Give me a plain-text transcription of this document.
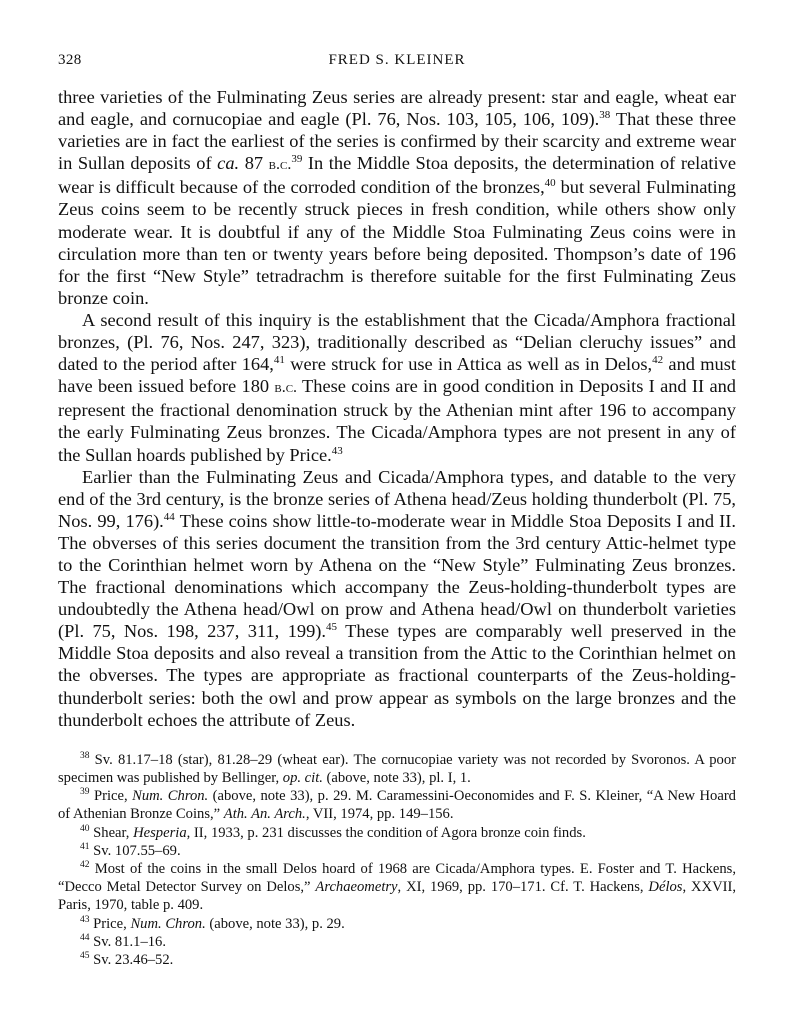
328	FRED S. KLEINER

three varieties of the Fulminating Zeus series are already present: star and eagle, wheat ear and eagle, and cornucopiae and eagle (Pl. 76, Nos. 103, 105, 106, 109).$^{38}$ That these three varieties are in fact the earliest of the series is confirmed by their scarcity and extreme wear in Sullan deposits of ca. 87 b.c.$^{39}$ In the Middle Stoa deposits, the determination of relative wear is difficult because of the corroded condition of the bronzes,$^{40}$ but several Fulminating Zeus coins seem to be recently struck pieces in fresh condition, while others show only moderate wear. It is doubtful if any of the Middle Stoa Fulminating Zeus coins were in circulation more than ten or twenty years before being deposited. Thompson’s date of 196 for the first “New Style” tetradrachm is therefore suitable for the first Fulminating Zeus bronze coin.

A second result of this inquiry is the establishment that the Cicada/Amphora fractional bronzes, (Pl. 76, Nos. 247, 323), traditionally described as “Delian cleruchy issues” and dated to the period after 164,41 were struck for use in Attica as well as in Delos,$^{42}$ and must have been issued before 180 b.c. These coins are in good condition in Deposits I and II and represent the fractional denomination struck by the Athenian mint after 196 to accompany the early Fulminating Zeus bronzes. The Cicada/Amphora types are not present in any of the Sullan hoards published by Price.$^{43}$

Earlier than the Fulminating Zeus and Cicada/Amphora types, and datable to the very end of the 3rd century, is the bronze series of Athena head/Zeus holding thunderbolt (Pl. 75, Nos. 99, 176).$^{44}$ These coins show little-to-moderate wear in Middle Stoa Deposits I and II. The obverses of this series document the transition from the 3rd century Attic-helmet type to the Corinthian helmet worn by Athena on the “New Style” Fulminating Zeus bronzes. The fractional denominations which accompany the Zeus-holding-thunderbolt types are undoubtedly the Athena head/Owl on prow and Athena head/Owl on thunderbolt varieties (Pl. 75, Nos. 198, 237, 311, 199).$^{45}$ These types are comparably well preserved in the Middle Stoa deposits and also reveal a transition from the Attic to the Corinthian helmet on the obverses. The types are appropriate as fractional counterparts of the Zeus-holding-thunderbolt series: both the owl and prow appear as symbols on the large bronzes and the thunderbolt echoes the attribute of Zeus.

$^{38}$ Sv. 81.17–18 (star), 81.28–29 (wheat ear). The cornucopiae variety was not recorded by Svoronos. A poor specimen was published by Bellinger, op. cit. (above, note 33), pl. I, 1.

$^{39}$ Price, Num. Chron. (above, note 33), p. 29. M. Caramessini-Oeconomides and F. S. Kleiner, “A New Hoard of Athenian Bronze Coins,” Ath. An. Arch., VII, 1974, pp. 149–156.

$^{40}$ Shear, Hesperia, II, 1933, p. 231 discusses the condition of Agora bronze coin finds.

$^{41}$ Sv. 107.55–69.

$^{42}$ Most of the coins in the small Delos hoard of 1968 are Cicada/Amphora types. E. Foster and T. Hackens, “Decco Metal Detector Survey on Delos,” Archaeometry, XI, 1969, pp. 170–171. Cf. T. Hackens, Délos, XXVII, Paris, 1970, table p. 409.

$^{43}$ Price, Num. Chron. (above, note 33), p. 29.

$^{44}$ Sv. 81.1–16.

$^{45}$ Sv. 23.46–52.
